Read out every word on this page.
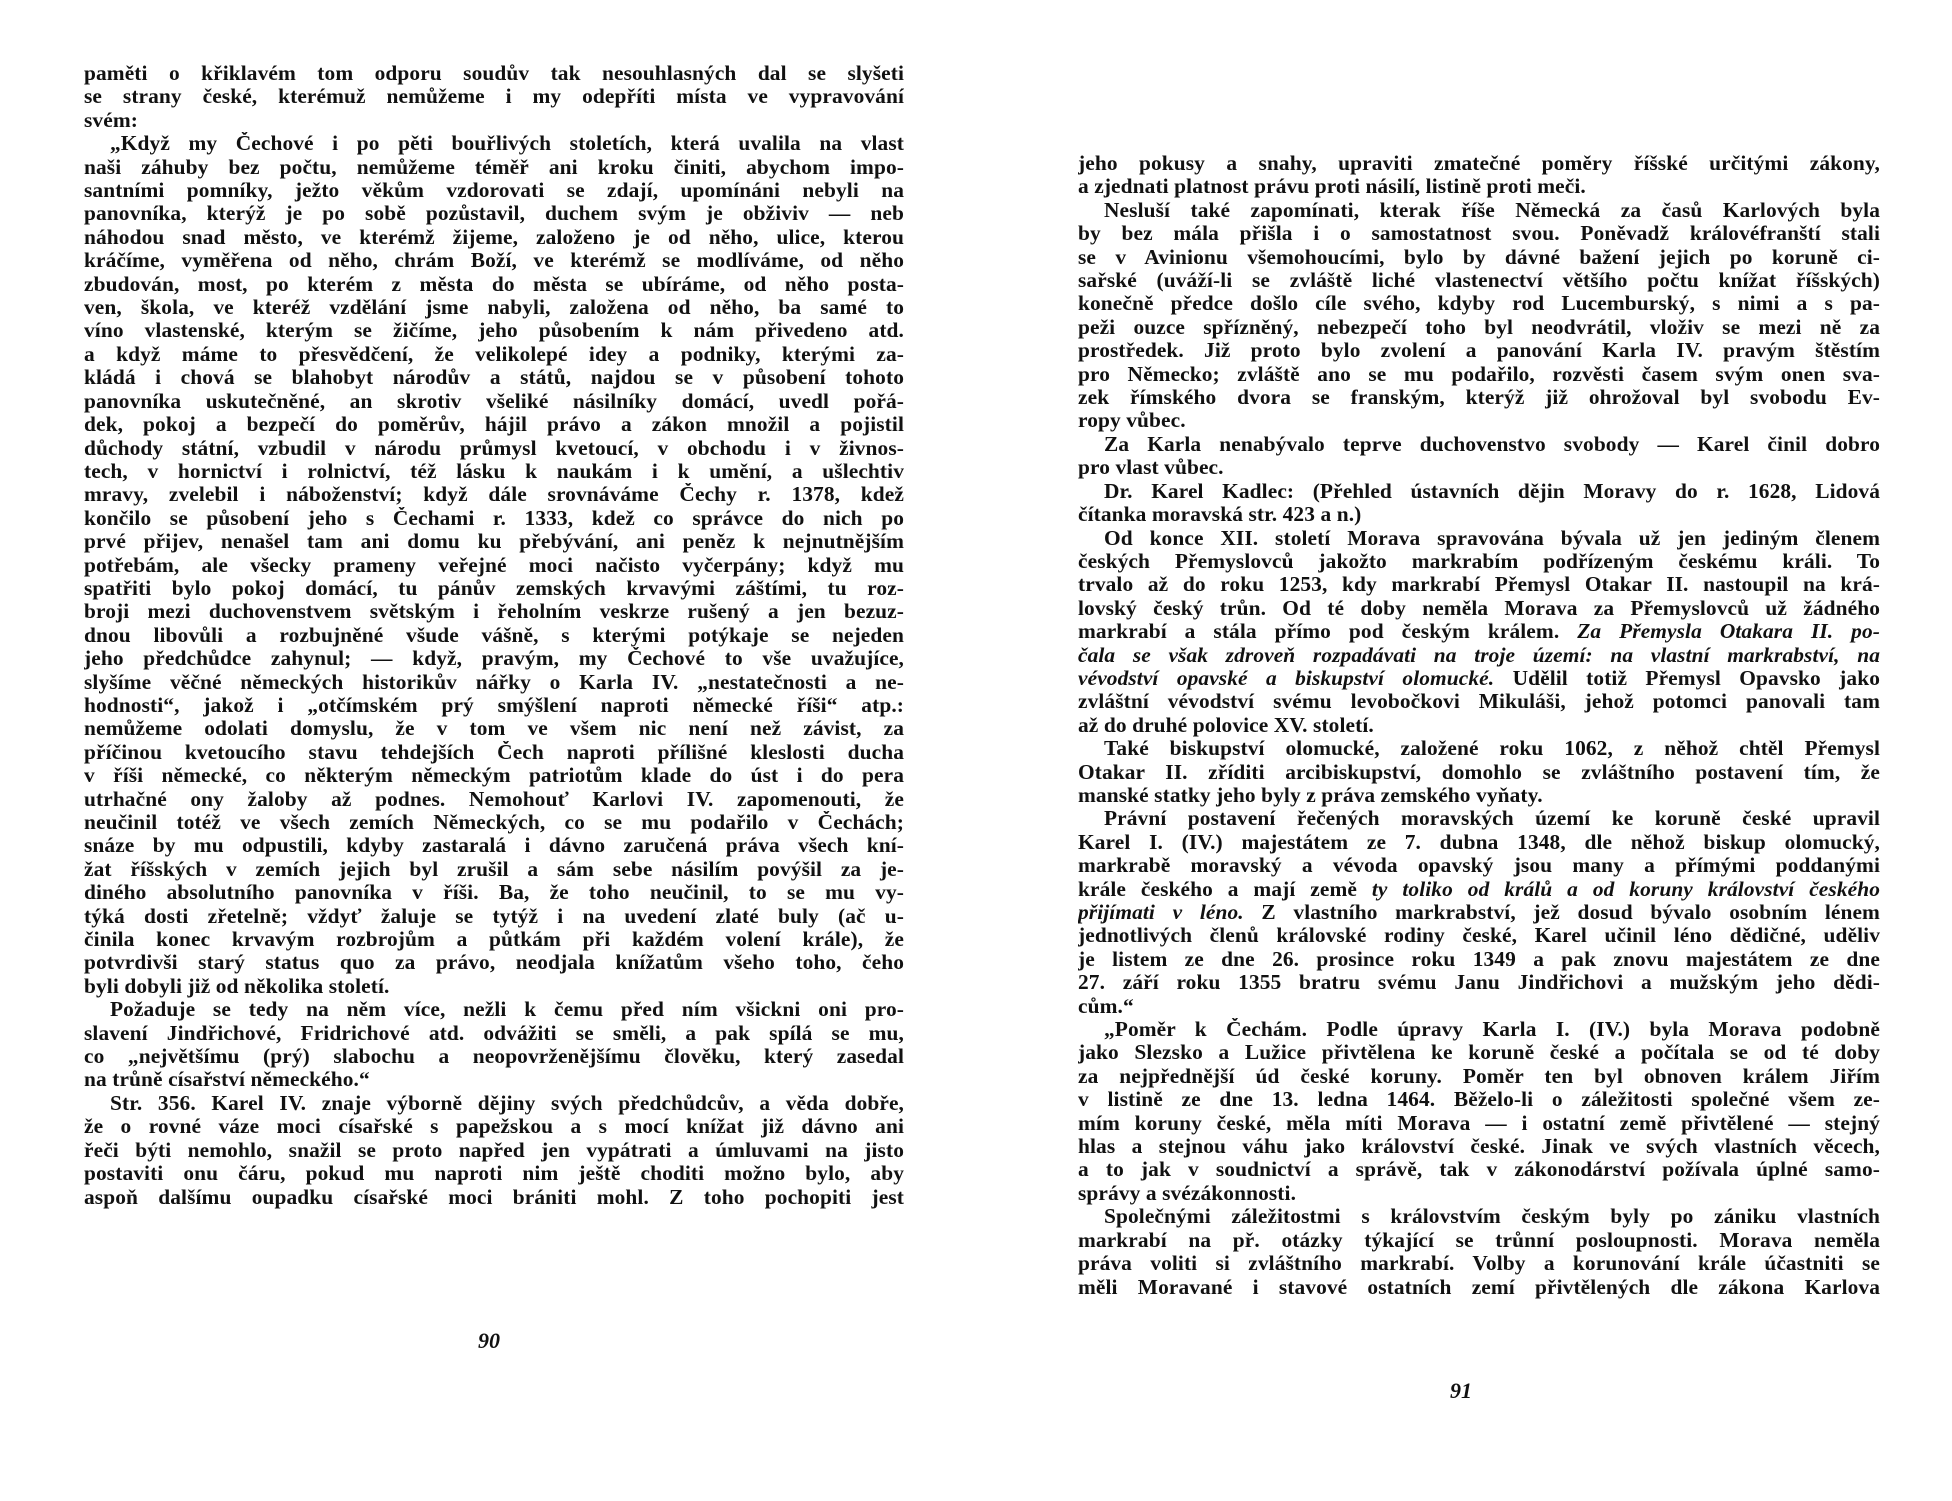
paměti o křiklavém tom odporu soudův tak nesouhlasných dal se slyšeti
se strany české, kterémuž nemůžeme i my odepříti místa ve vypravování
svém:
„Když my Čechové i po pěti bouřlivých stoletích, která uvalila na vlast
naši záhuby bez počtu, nemůžeme téměř ani kroku činiti, abychom impo-
santními pomníky, ježto věkům vzdorovati se zdají, upomínáni nebyli na
panovníka, kterýž je po sobě pozůstavil, duchem svým je obživiv — neb
náhodou snad město, ve kterémž žijeme, založeno je od něho, ulice, kterou
kráčíme, vyměřena od něho, chrám Boží, ve kterémž se modlíváme, od něho
zbudován, most, po kterém z města do města se ubíráme, od něho posta-
ven, škola, ve kteréž vzdělání jsme nabyli, založena od něho, ba samé to
víno vlastenské, kterým se žičíme, jeho působením k nám přivedeno atd.
a když máme to přesvědčení, že velikolepé idey a podniky, kterými za-
kládá i chová se blahobyt národův a států, najdou se v působení tohoto
panovníka uskutečněné, an skrotiv všeliké násilníky domácí, uvedl pořá-
dek, pokoj a bezpečí do poměrův, hájil právo a zákon množil a pojistil
důchody státní, vzbudil v národu průmysl kvetoucí, v obchodu i v živnos-
tech, v hornictví i rolnictví, též lásku k naukám i k umění, a ušlechtiv
mravy, zvelebil i náboženství; když dále srovnáváme Čechy r. 1378, kdež
končilo se působení jeho s Čechami r. 1333, kdež co správce do nich po
prvé přijev, nenašel tam ani domu ku přebývání, ani peněz k nejnutnějším
potřebám, ale všecky prameny veřejné moci načisto vyčerpány; když mu
spatřiti bylo pokoj domácí, tu pánův zemských krvavými záštími, tu roz-
broji mezi duchovenstvem světským i řeholním veskrze rušený a jen bezuz-
dnou libovůli a rozbujněné všude vášně, s kterými potýkaje se nejeden
jeho předchůdce zahynul; — když, pravým, my Čechové to vše uvažujíce,
slyšíme věčné německých historikův nářky o Karla IV. „nestatečnosti a ne-
hodnosti“, jakož i „otčímském prý smýšlení naproti německé říši“ atp.:
nemůžeme odolati domyslu, že v tom ve všem nic není než závist, za
příčinou kvetoucího stavu tehdejších Čech naproti přílišné kleslosti ducha
v říši německé, co některým německým patriotům klade do úst i do pera
utrhačné ony žaloby až podnes. Nemohouť Karlovi IV. zapomenouti, že
neučinil totéž ve všech zemích Německých, co se mu podařilo v Čechách;
snáze by mu odpustili, kdyby zastaralá i dávno zaručená práva všech kní-
žat říšských v zemích jejich byl zrušil a sám sebe násilím povýšil za je-
diného absolutního panovníka v říši. Ba, že toho neučinil, to se mu vy-
týká dosti zřetelně; vždyť žaluje se tytýž i na uvedení zlaté buly (ač u-
činila konec krvavým rozbrojům a půtkám při každém volení krále), že
potvrdivši starý status quo za právo, neodjala knížatům všeho toho, čeho
byli dobyli již od několika století.
Požaduje se tedy na něm více, nežli k čemu před ním všickni oni pro-
slavení Jindřichové, Fridrichové atd. odvážiti se směli, a pak spílá se mu,
co „největšímu (prý) slabochu a neopovrženějšímu člověku, který zasedal
na trůně císařství německého.“
Str. 356. Karel IV. znaje výborně dějiny svých předchůdcův, a věda dobře,
že o rovné váze moci císařské s papežskou a s mocí knížat již dávno ani
řeči býti nemohlo, snažil se proto napřed jen vypátrati a úmluvami na jisto
postaviti onu čáru, pokud mu naproti nim ještě choditi možno bylo, aby
aspoň dalšímu oupadku císařské moci brániti mohl. Z toho pochopiti jest
90
jeho pokusy a snahy, upraviti zmatečné poměry říšské určitými zákony,
a zjednati platnost právu proti násilí, listině proti meči.
Nesluší také zapomínati, kterak říše Německá za časů Karlových byla
by bez mála přišla i o samostatnost svou. Poněvadž královéfranští stali
se v Avinionu všemohoucími, bylo by dávné bažení jejich po koruně ci-
sařské (uváží-li se zvláště liché vlastenectví většího počtu knížat říšských)
konečně předce došlo cíle svého, kdyby rod Lucemburský, s nimi a s pa-
peži ouzce spřízněný, nebezpečí toho byl neodvrátil, vloživ se mezi ně za
prostředek. Již proto bylo zvolení a panování Karla IV. pravým štěstím
pro Německo; zvláště ano se mu podařilo, rozvěsti časem svým onen sva-
zek římského dvora se franským, kterýž již ohrožoval byl svobodu Ev-
ropy vůbec.
Za Karla nenabývalo teprve duchovenstvo svobody — Karel činil dobro
pro vlast vůbec.
Dr. Karel Kadlec: (Přehled ústavních dějin Moravy do r. 1628, Lidová
čítanka moravská str. 423 a n.)
Od konce XII. století Morava spravována bývala už jen jediným členem
českých Přemyslovců jakožto markrabím podřízeným českému králi. To
trvalo až do roku 1253, kdy markrabí Přemysl Otakar II. nastoupil na krá-
lovský český trůn. Od té doby neměla Morava za Přemyslovců už žádného
markrabí a stála přímo pod českým králem. Za Přemysla Otakara II. po-
čala se však zdroveň rozpadávati na troje území: na vlastní markrabství, na
vévodství opavské a biskupství olomucké. Udělil totiž Přemysl Opavsko jako
zvláštní vévodství svému levobočkovi Mikuláši, jehož potomci panovali tam
až do druhé polovice XV. století.
Také biskupství olomucké, založené roku 1062, z něhož chtěl Přemysl
Otakar II. zříditi arcibiskupství, domohlo se zvláštního postavení tím, že
manské statky jeho byly z práva zemského vyňaty.
Právní postavení řečených moravských území ke koruně české upravil
Karel I. (IV.) majestátem ze 7. dubna 1348, dle něhož biskup olomucký,
markrabě moravský a vévoda opavský jsou many a přímými poddanými
krále českého a mají země ty toliko od králů a od koruny království českého
přijímati v léno. Z vlastního markrabství, jež dosud bývalo osobním lénem
jednotlivých členů královské rodiny české, Karel učinil léno dědičné, uděliv
je listem ze dne 26. prosince roku 1349 a pak znovu majestátem ze dne
27. září roku 1355 bratru svému Janu Jindřichovi a mužským jeho dědi-
cům.“
„Poměr k Čechám. Podle úpravy Karla I. (IV.) byla Morava podobně
jako Slezsko a Lužice přivtělena ke koruně české a počítala se od té doby
za nejpřednější úd české koruny. Poměr ten byl obnoven králem Jiřím
v listině ze dne 13. ledna 1464. Běželo-li o záležitosti společné všem ze-
mím koruny české, měla míti Morava — i ostatní země přivtělené — stejný
hlas a stejnou váhu jako království české. Jinak ve svých vlastních věcech,
a to jak v soudnictví a správě, tak v zákonodárství požívala úplné samo-
správy a svézákonnosti.
Společnými záležitostmi s královstvím českým byly po zániku vlastních
markrabí na př. otázky týkající se trůnní posloupnosti. Morava neměla
práva voliti si zvláštního markrabí. Volby a korunování krále účastniti se
měli Moravané i stavové ostatních zemí přivtělených dle zákona Karlova
91
